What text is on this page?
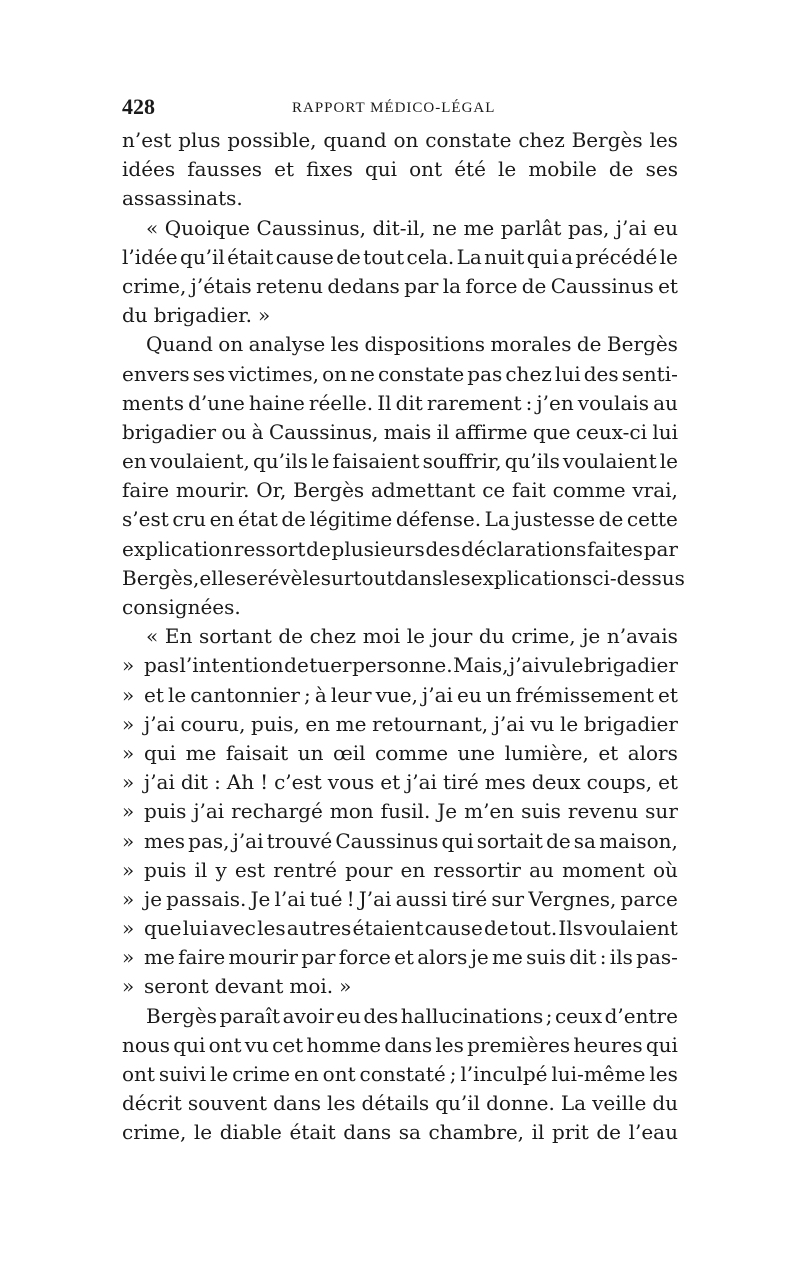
428	RAPPORT MÉDICO-LÉGAL
n’est plus possible, quand on constate chez Bergès les
idées fausses et fixes qui ont été le mobile de ses
assassinats.
« Quoique Caussinus, dit-il, ne me parlât pas, j’ai eu
l’idée qu’il était cause de tout cela. La nuit qui a précédé le
crime, j’étais retenu dedans par la force de Caussinus et
du brigadier. »
Quand on analyse les dispositions morales de Bergès
envers ses victimes, on ne constate pas chez lui des senti-
ments d’une haine réelle. Il dit rarement : j’en voulais au
brigadier ou à Caussinus, mais il affirme que ceux-ci lui
en voulaient, qu’ils le faisaient souffrir, qu’ils voulaient le
faire mourir. Or, Bergès admettant ce fait comme vrai,
s’est cru en état de légitime défense. La justesse de cette
explication ressort de plusieurs des déclarations faites par
Bergès, elle se révèle surtout dans les explications ci-dessus
consignées.
« En sortant de chez moi le jour du crime, je n’avais
» pas l’intention de tuer personne. Mais, j’ai vu le brigadier
» et le cantonnier ; à leur vue, j’ai eu un frémissement et
» j’ai couru, puis, en me retournant, j’ai vu le brigadier
» qui me faisait un œil comme une lumière, et alors
» j’ai dit : Ah ! c’est vous et j’ai tiré mes deux coups, et
» puis j’ai rechargé mon fusil. Je m’en suis revenu sur
» mes pas, j’ai trouvé Caussinus qui sortait de sa maison,
» puis il y est rentré pour en ressortir au moment où
» je passais. Je l’ai tué ! J’ai aussi tiré sur Vergnes, parce
» que lui avec les autres étaient cause de tout. Ils voulaient
» me faire mourir par force et alors je me suis dit : ils pas-
» seront devant moi. »
Bergès paraît avoir eu des hallucinations ; ceux d’entre
nous qui ont vu cet homme dans les premières heures qui
ont suivi le crime en ont constaté ; l’inculpé lui-même les
décrit souvent dans les détails qu’il donne. La veille du
crime, le diable était dans sa chambre, il prit de l’eau
